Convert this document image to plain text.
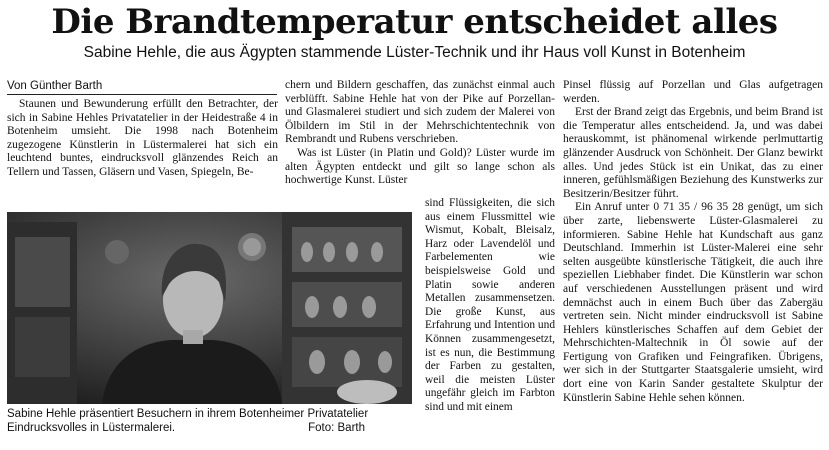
Die Brandtemperatur entscheidet alles
Sabine Hehle, die aus Ägypten stammende Lüster-Technik und ihr Haus voll Kunst in Botenheim
Von Günther Barth

Staunen und Bewunderung erfüllt den Betrachter, der sich in Sabine Hehles Privatatelier in der Heidestraße 4 in Botenheim umsieht. Die 1998 nach Botenheim zugezogene Künstlerin in Lüstermalerei hat sich ein leuchtend buntes, eindrucksvoll glänzendes Reich an Tellern und Tassen, Gläsern und Vasen, Spiegeln, Be-

chern und Bildern geschaffen, das zunächst einmal auch verblüfft. Sabine Hehle hat von der Pike auf Porzellan- und Glasmalerei studiert und sich zudem der Malerei von Ölbildern im Stil in der Mehrschichtentechnik von Rembrandt und Rubens verschrieben.

Was ist Lüster (in Platin und Gold)? Lüster wurde im alten Ägypten entdeckt und gilt so lange schon als hochwertige Kunst. Lüster

sind Flüssigkeiten, die sich aus einem Flussmittel wie Wismut, Kobalt, Bleisalz, Harz oder Lavendelöl und Farbelementen wie beispielsweise Gold und Platin sowie anderen Metallen zusammensetzen. Die große Kunst, aus Erfahrung und Intention und Können zusammengesetzt, ist es nun, die Bestimmung der Farben zu gestalten, weil die meisten Lüster ungefähr gleich im Farbton sind und mit einem

Pinsel flüssig auf Porzellan und Glas aufgetragen werden.

Erst der Brand zeigt das Ergebnis, und beim Brand ist die Temperatur alles entscheidend. Ja, und was dabei herauskommt, ist phänomenal wirkende perlmuttartig glänzender Ausdruck von Schönheit. Der Glanz bewirkt alles. Und jedes Stück ist ein Unikat, das zu einer inneren, gefühlsmäßigen Beziehung des Kunstwerks zur Besitzerin/Besitzer führt.

Ein Anruf unter 0 71 35 / 96 35 28 genügt, um sich über zarte, liebenswerte Lüster-Glasmalerei zu informieren. Sabine Hehle hat Kundschaft aus ganz Deutschland. Immerhin ist Lüster-Malerei eine sehr selten ausgeübte künstlerische Tätigkeit, die auch ihre speziellen Liebhaber findet. Die Künstlerin war schon auf verschiedenen Ausstellungen präsent und wird demnächst auch in einem Buch über das Zabergäu vertreten sein. Nicht minder eindrucksvoll ist Sabine Hehlers künstlerisches Schaffen auf dem Gebiet der Mehrschichten-Maltechnik in Öl sowie auf der Fertigung von Grafiken und Feingrafiken. Übrigens, wer sich in der Stuttgarter Staatsgalerie umsieht, wird dort eine von Karin Sander gestaltete Skulptur der Künstlerin Sabine Hehle sehen können.

Sabine Hehle präsentiert Besuchern in ihrem Botenheimer Privatatelier Eindrucksvolles in Lüstermalerei.	Foto: Barth
